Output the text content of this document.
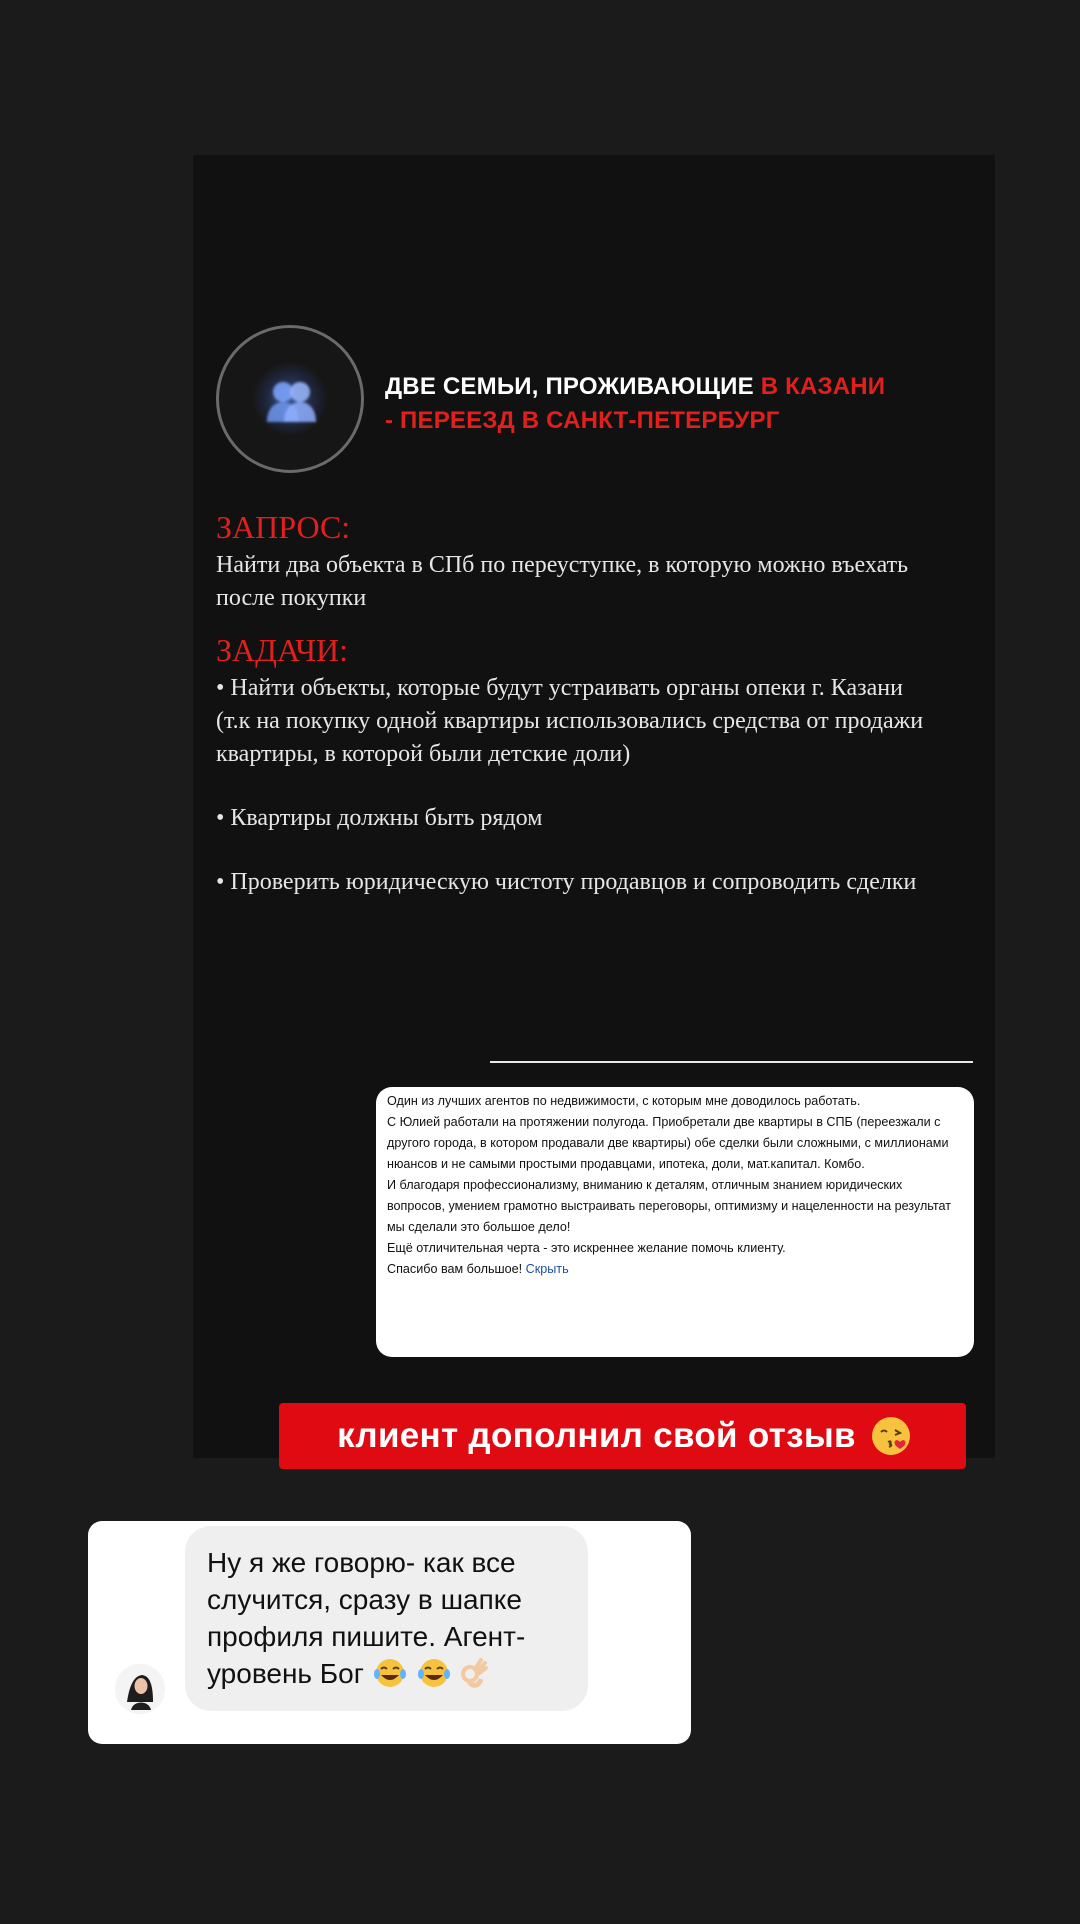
ДВЕ СЕМЬИ, ПРОЖИВАЮЩИЕ В КАЗАНИ
- ПЕРЕЕЗД В САНКТ-ПЕТЕРБУРГ

ЗАПРОС:

Найти два объекта в СПб по переуступке, в которую можно въехать после покупки

ЗАДАЧИ:

• Найти объекты, которые будут устраивать органы опеки г. Казани (т.к на покупку одной квартиры использовались средства от продажи квартиры, в которой были детские доли)

• Квартиры должны быть рядом

• Проверить юридическую чистоту продавцов и сопроводить сделки

Один из лучших агентов по недвижимости, с которым мне доводилось работать.

С Юлией работали на протяжении полугода. Приобретали две квартиры в СПБ (переезжали с другого города, в котором продавали две квартиры) обе сделки были сложными, с миллионами нюансов и не самыми простыми продавцами, ипотека, доли, мат.капитал. Комбо.

И благодаря профессионализму, вниманию к деталям, отличным знанием юридических вопросов, умением грамотно выстраивать переговоры, оптимизму и нацеленности на результат мы сделали это большое дело!

Ещё отличительная черта - это искреннее желание помочь клиенту.

Спасибо вам большое! Скрыть

клиент дополнил свой отзыв
Ну я же говорю- как все случится, сразу в шапке профиля пишите. Агент- уровень Бог
